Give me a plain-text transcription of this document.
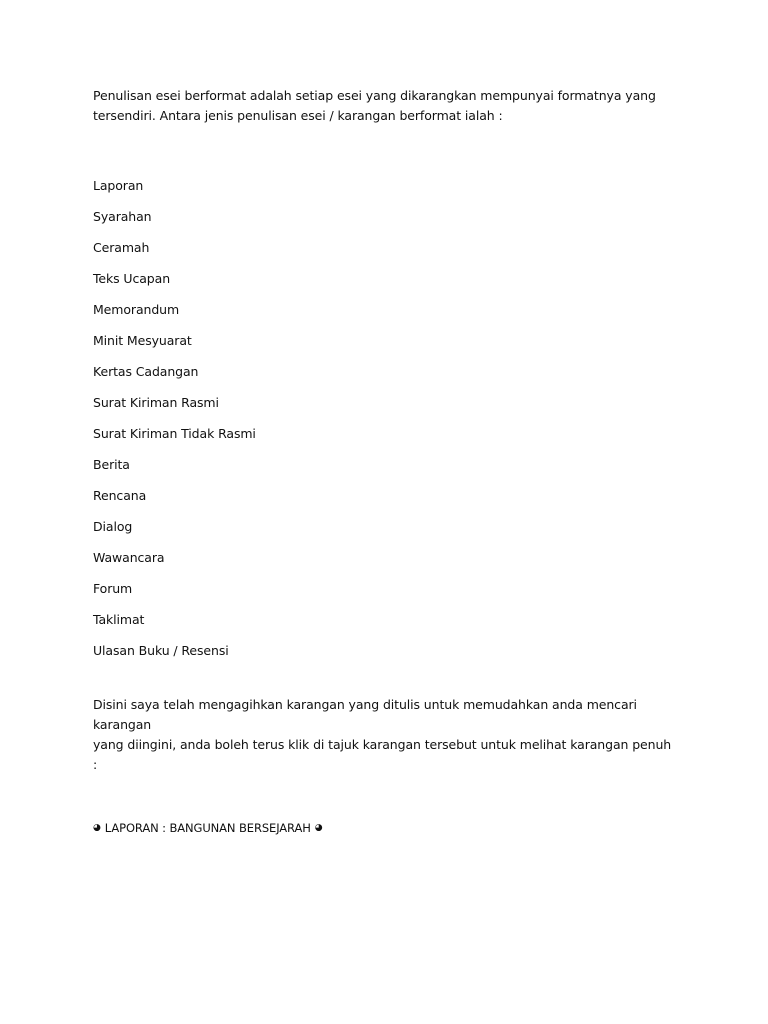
Penulisan esei berformat adalah setiap esei yang dikarangkan mempunyai formatnya yang
tersendiri. Antara jenis penulisan esei / karangan berformat ialah :

Laporan
Syarahan
Ceramah
Teks Ucapan
Memorandum
Minit Mesyuarat
Kertas Cadangan
Surat Kiriman Rasmi
Surat Kiriman Tidak Rasmi
Berita
Rencana
Dialog
Wawancara
Forum
Taklimat
Ulasan Buku / Resensi

Disini saya telah mengagihkan karangan yang ditulis untuk memudahkan anda mencari karangan
yang diingini, anda boleh terus klik di tajuk karangan tersebut untuk melihat karangan penuh :

◕ LAPORAN : BANGUNAN BERSEJARAH ◕
